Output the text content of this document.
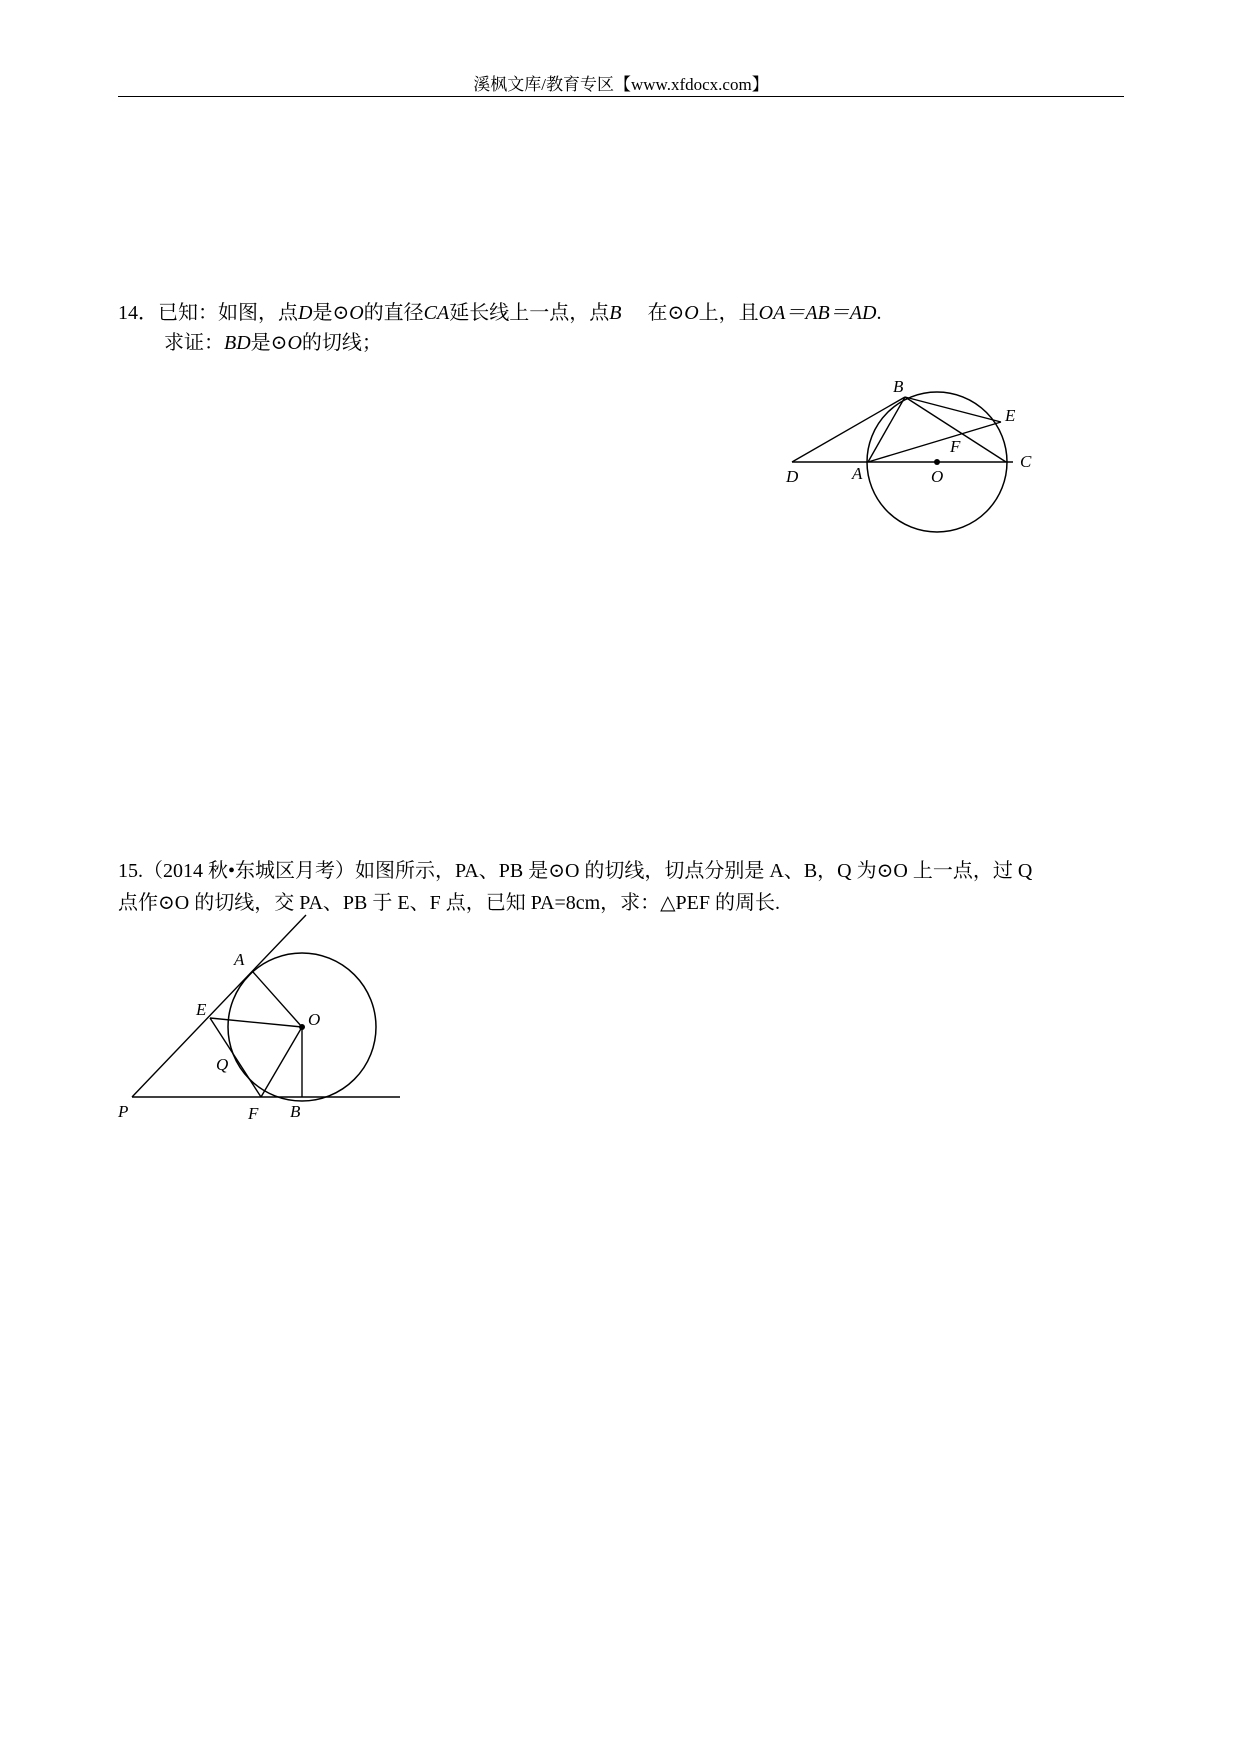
溪枫文库/教育专区【www.xfdocx.com】
14．已知：如图，点D是⊙O的直径CA延长线上一点，点B 在⊙O上，且OA＝AB＝AD.
求证：BD是⊙O的切线；
B
E
F
C
D	A	O
15.（2014 秋•东城区月考）如图所示，PA、PB 是⊙O 的切线，切点分别是 A、B，Q 为⊙O 上一点，过 Q
点作⊙O 的切线，交 PA、PB 于 E、F 点，已知 PA=8cm，求：△PEF 的周长.
A
E
O
Q
P	F B
